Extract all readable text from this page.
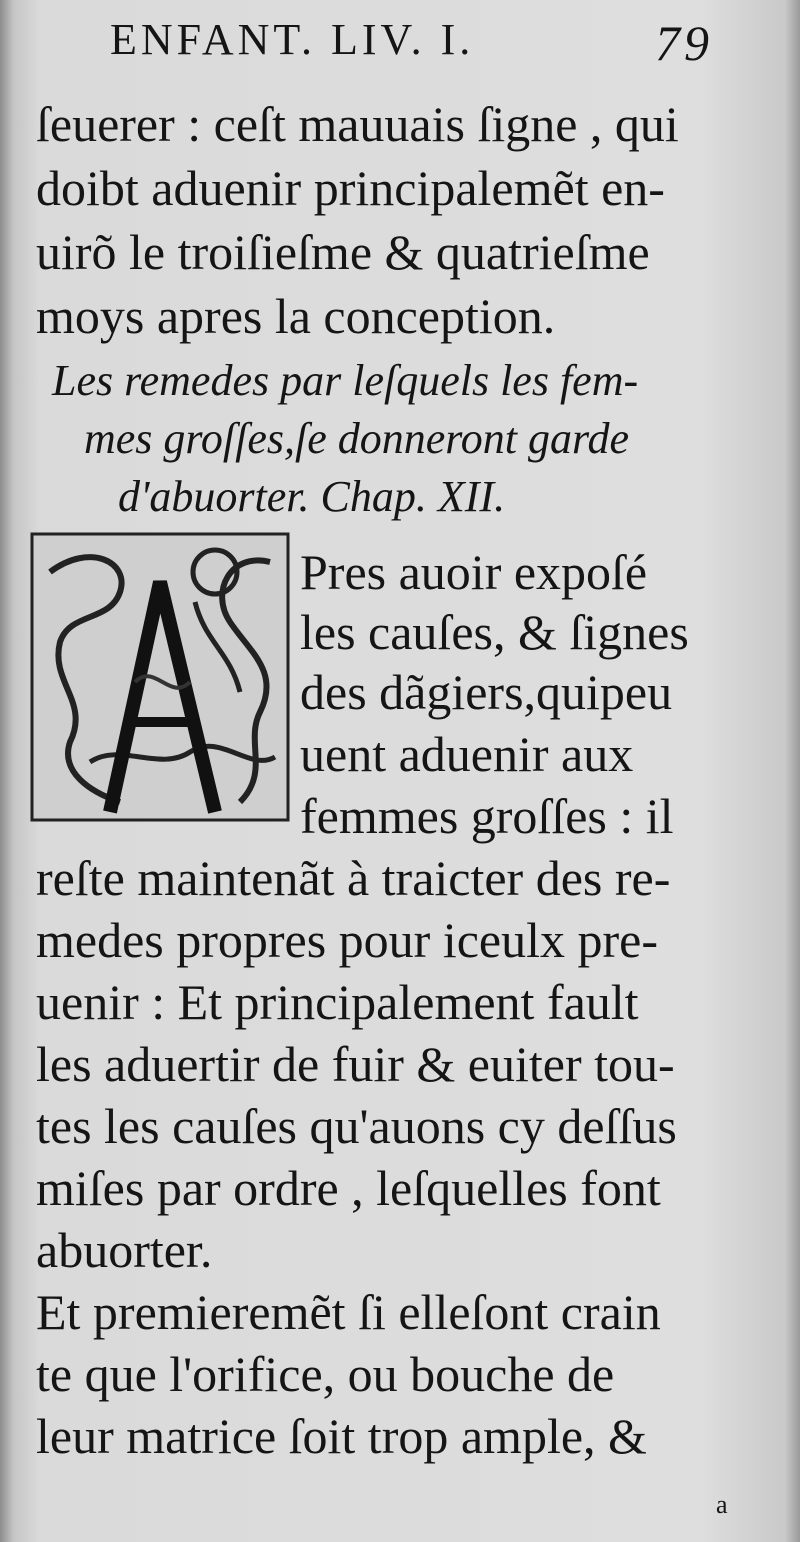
ENFANT. LIV. I.	79
ſeuerer : ceſt mauuais ſigne , qui
doibt aduenir principalemẽt en-
uirõ le troiſieſme & quatrieſme
moys apres la conception.
Les remedes par leſquels les fem-
mes groſſes,ſe donneront garde
d'abuorter. Chap. XII.
Pres auoir expoſé
les cauſes, & ſignes
des dãgiers,quipeu
uent aduenir aux
femmes groſſes : il
reſte maintenãt à traicter des re-
medes propres pour iceulx pre-
uenir : Et principalement fault
les aduertir de fuir & euiter tou-
tes les cauſes qu'auons cy deſſus
miſes par ordre , leſquelles font
abuorter.
Et premieremẽt ſi elleſont crain
te que l'orifice, ou bouche de
leur matrice ſoit trop ample, &
a
